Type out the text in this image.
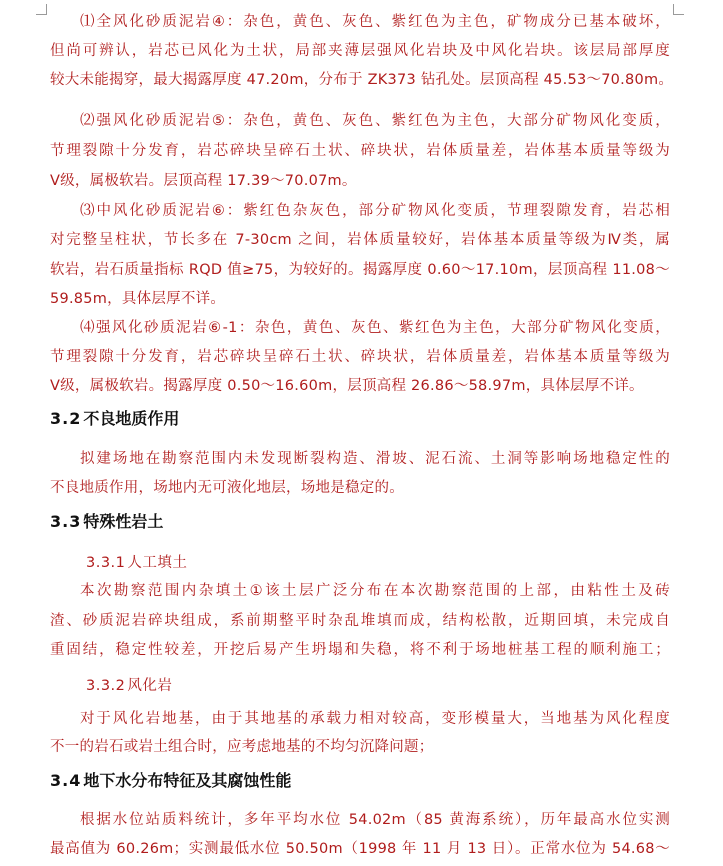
⑴全风化砂质泥岩④：杂色，黄色、灰色、紫红色为主色，矿物成分已基本破坏，
但尚可辨认，岩芯已风化为土状，局部夹薄层强风化岩块及中风化岩块。该层局部厚度
较大未能揭穿，最大揭露厚度 47.20m，分布于 ZK373 钻孔处。层顶高程 45.53～70.80m。
⑵强风化砂质泥岩⑤：杂色，黄色、灰色、紫红色为主色，大部分矿物风化变质，
节理裂隙十分发育，岩芯碎块呈碎石土状、碎块状，岩体质量差，岩体基本质量等级为
Ⅴ级，属极软岩。层顶高程 17.39～70.07m。
⑶中风化砂质泥岩⑥：紫红色杂灰色，部分矿物风化变质，节理裂隙发育，岩芯相
对完整呈柱状，节长多在 7-30cm 之间，岩体质量较好，岩体基本质量等级为Ⅳ类，属
软岩，岩石质量指标 RQD 值≥75，为较好的。揭露厚度 0.60～17.10m，层顶高程 11.08～
59.85m，具体层厚不详。
⑷强风化砂质泥岩⑥-1：杂色，黄色、灰色、紫红色为主色，大部分矿物风化变质，
节理裂隙十分发育，岩芯碎块呈碎石土状、碎块状，岩体质量差，岩体基本质量等级为
Ⅴ级，属极软岩。揭露厚度 0.50～16.60m，层顶高程 26.86～58.97m，具体层厚不详。
3.2 不良地质作用
拟建场地在勘察范围内未发现断裂构造、滑坡、泥石流、土洞等影响场地稳定性的
不良地质作用，场地内无可液化地层，场地是稳定的。
3.3 特殊性岩土
3.3.1 人工填土
本次勘察范围内杂填土①该土层广泛分布在本次勘察范围的上部，由粘性土及砖
渣、砂质泥岩碎块组成，系前期整平时杂乱堆填而成，结构松散，近期回填，未完成自
重固结，稳定性较差，开挖后易产生坍塌和失稳，将不利于场地桩基工程的顺利施工；
3.3.2 风化岩
对于风化岩地基，由于其地基的承载力相对较高，变形模量大，当地基为风化程度
不一的岩石或岩土组合时，应考虑地基的不均匀沉降问题；
3.4 地下水分布特征及其腐蚀性能
根据水位站质料统计，多年平均水位 54.02m（85 黄海系统），历年最高水位实测
最高值为 60.26m；实测最低水位 50.50m（1998 年 11 月 13 日）。正常水位为 54.68～
